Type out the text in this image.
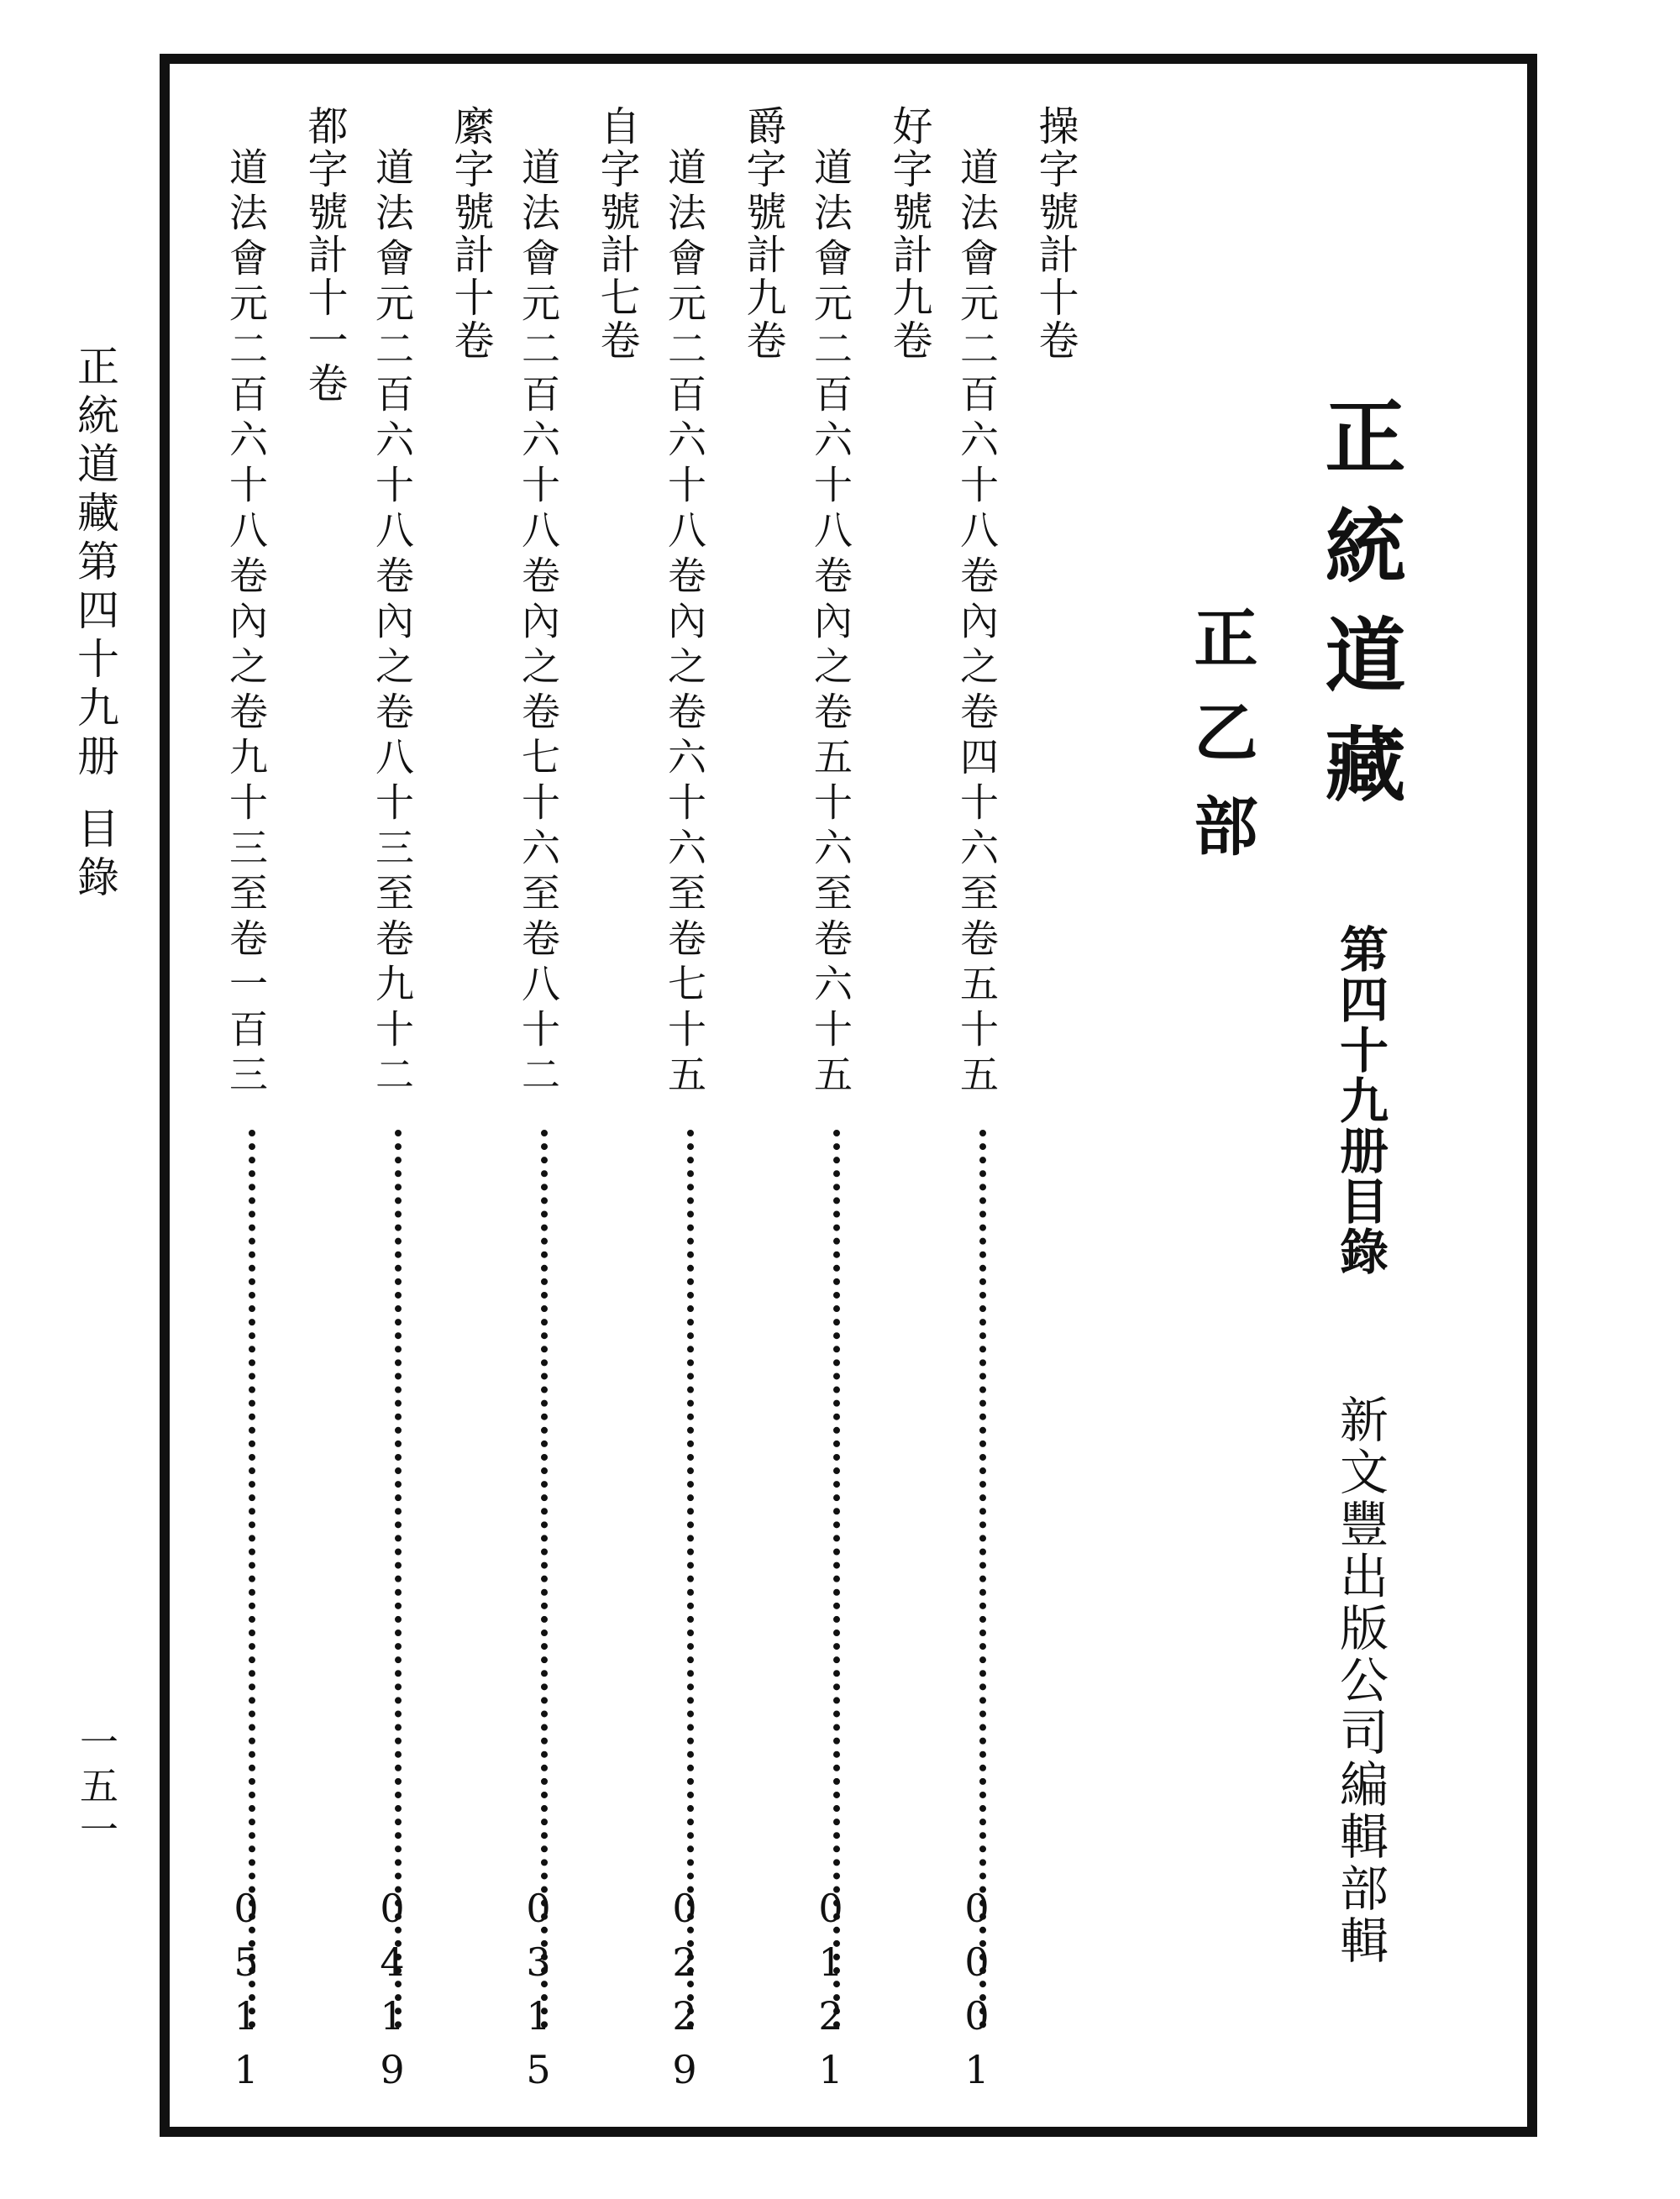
正統道藏第四十九册
目錄
一五一
正統道藏
第四十九册目錄
新文豐出版公司編輯部輯
正乙部
操字號計十卷
道法會元二百六十八卷內之卷四十六至卷五十五
0001
好字號計九卷
道法會元二百六十八卷內之卷五十六至卷六十五
0121
爵字號計九卷
道法會元二百六十八卷內之卷六十六至卷七十五
0229
自字號計七卷
道法會元二百六十八卷內之卷七十六至卷八十二
0315
縻字號計十卷
道法會元二百六十八卷內之卷八十三至卷九十二
0419
都字號計十一卷
道法會元二百六十八卷內之卷九十三至卷一百三
0511
